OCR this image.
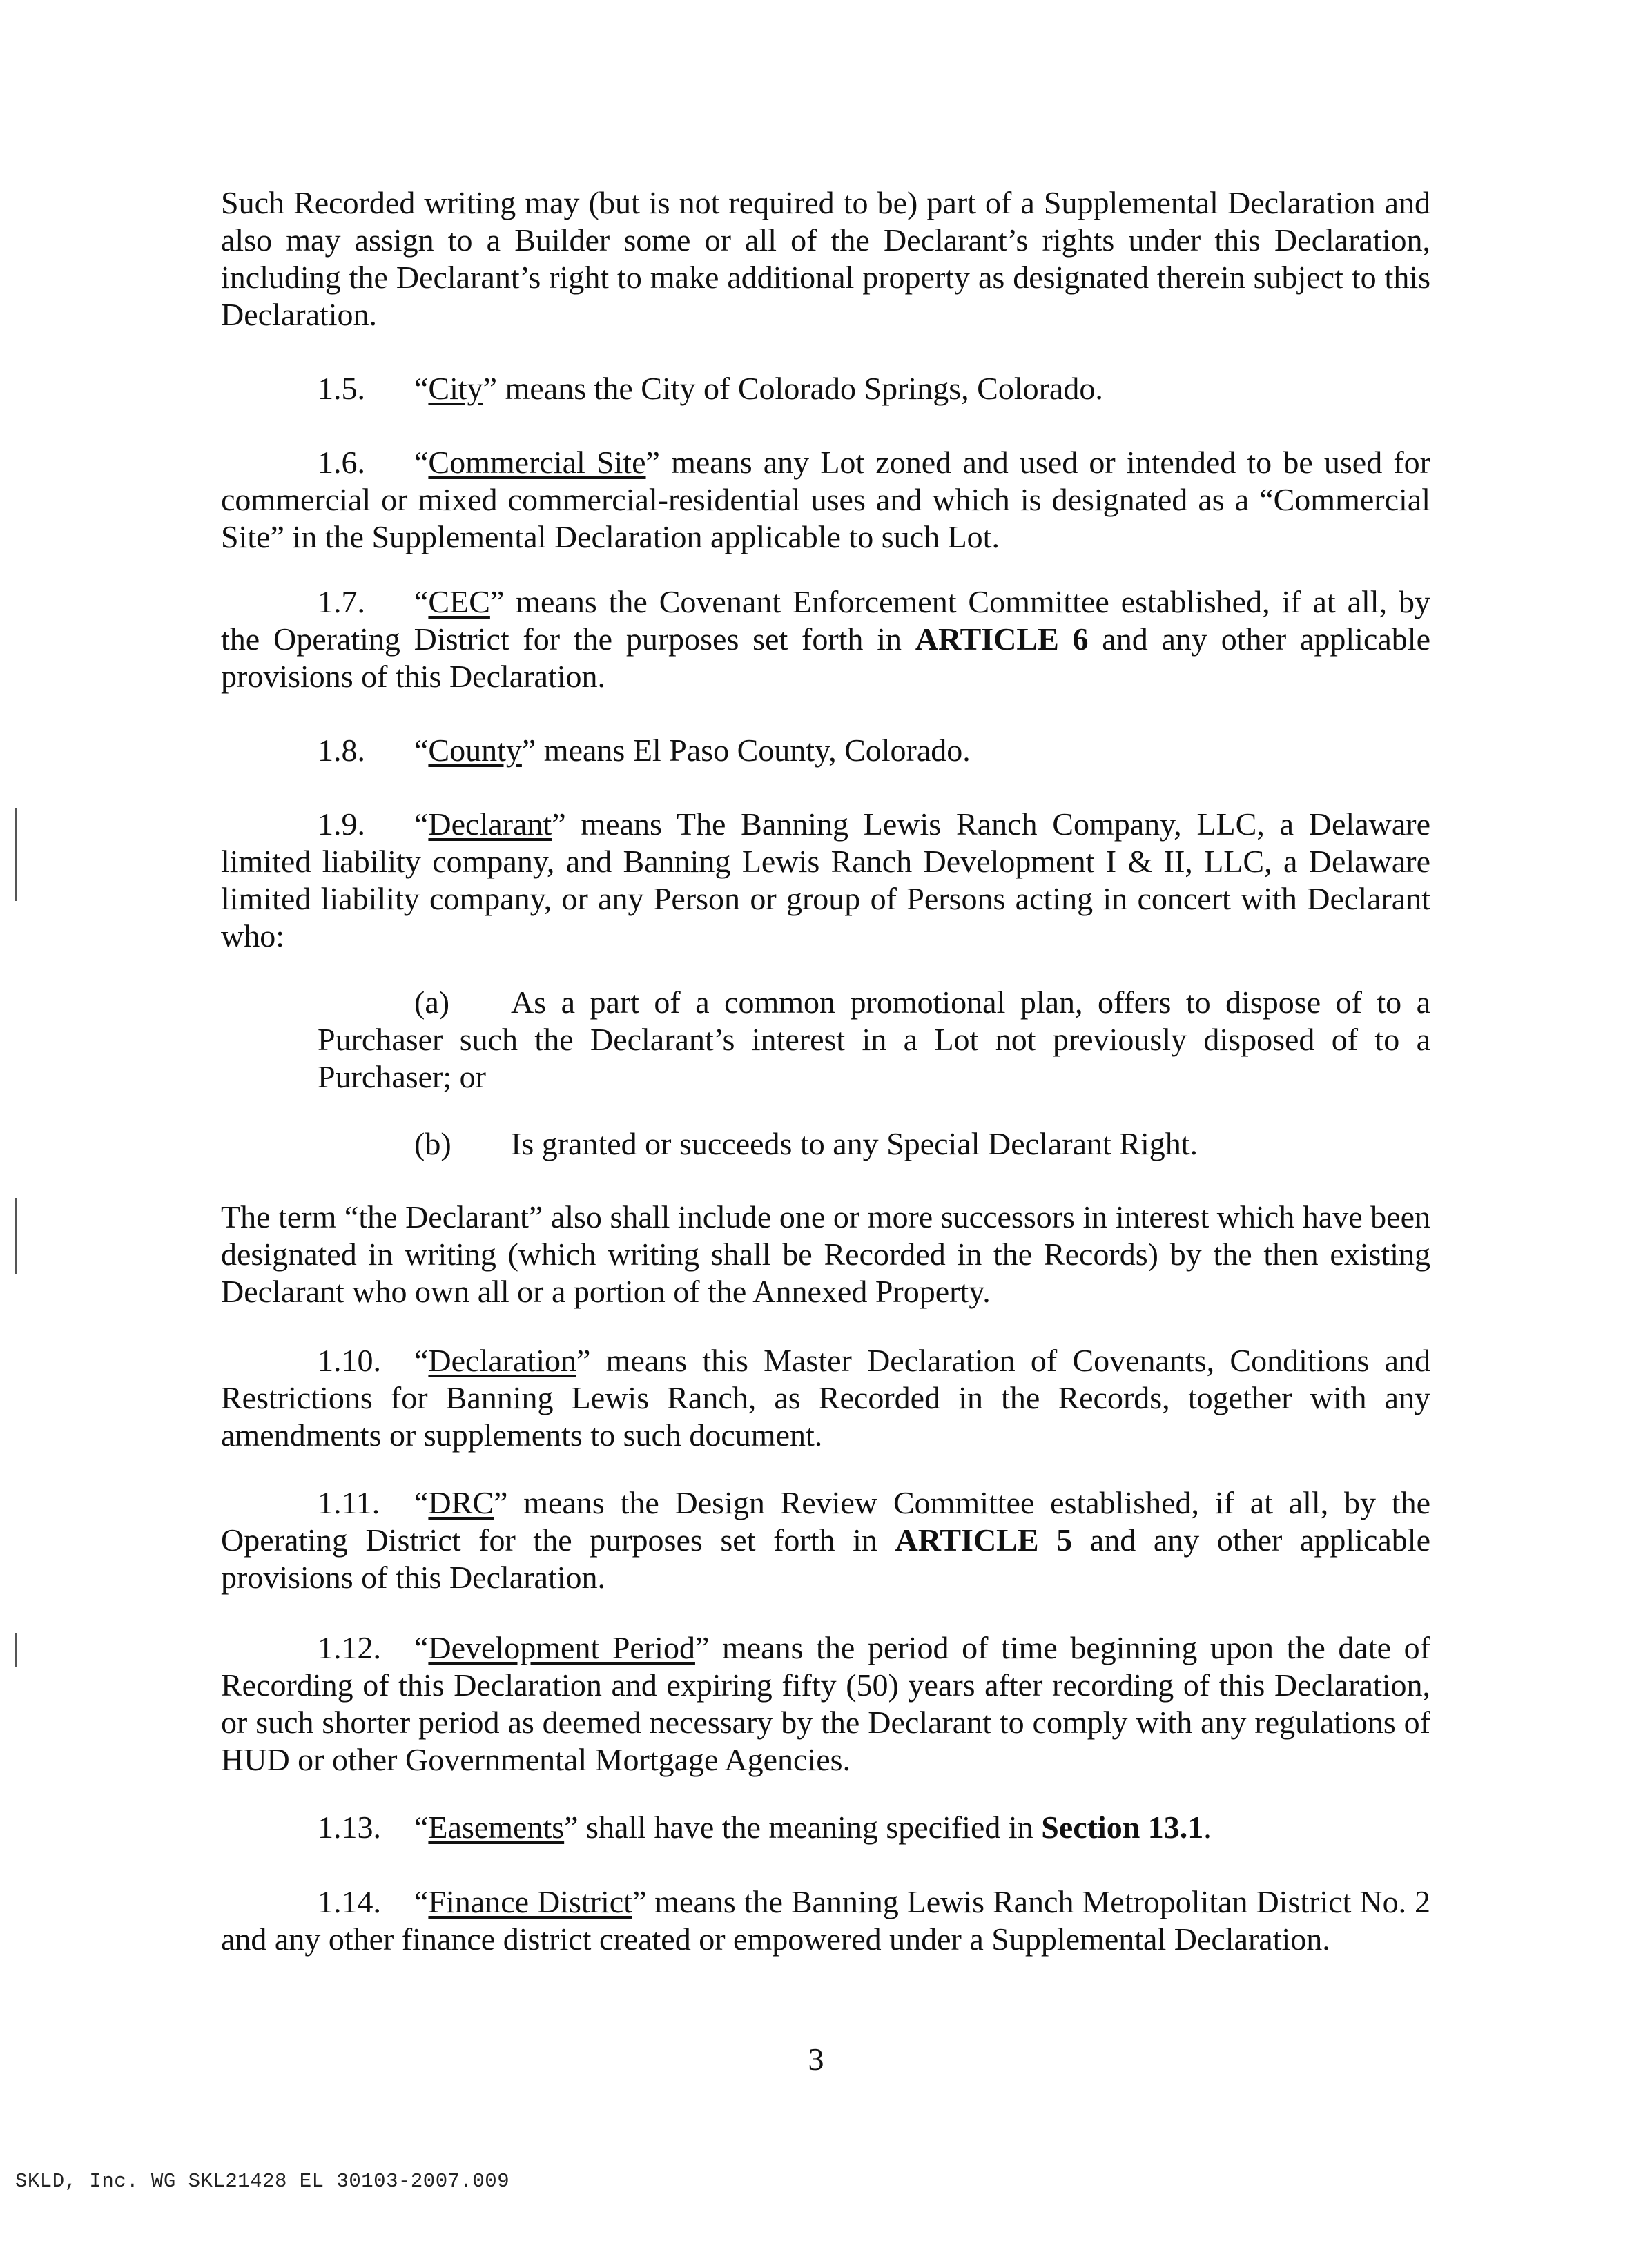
Such Recorded writing may (but is not required to be) part of a Supplemental Declaration and also may assign to a Builder some or all of the Declarant’s rights under this Declaration, including the Declarant’s right to make additional property as designated therein subject to this Declaration.

1.5. “City” means the City of Colorado Springs, Colorado.

1.6. “Commercial Site” means any Lot zoned and used or intended to be used for commercial or mixed commercial-residential uses and which is designated as a “Commercial Site” in the Supplemental Declaration applicable to such Lot.

1.7. “CEC” means the Covenant Enforcement Committee established, if at all, by the Operating District for the purposes set forth in ARTICLE 6 and any other applicable provisions of this Declaration.

1.8. “County” means El Paso County, Colorado.

1.9. “Declarant” means The Banning Lewis Ranch Company, LLC, a Delaware limited liability company, and Banning Lewis Ranch Development I & II, LLC, a Delaware limited liability company, or any Person or group of Persons acting in concert with Declarant who:

(a) As a part of a common promotional plan, offers to dispose of to a Purchaser such the Declarant’s interest in a Lot not previously disposed of to a Purchaser; or

(b) Is granted or succeeds to any Special Declarant Right.

The term “the Declarant” also shall include one or more successors in interest which have been designated in writing (which writing shall be Recorded in the Records) by the then existing Declarant who own all or a portion of the Annexed Property.

1.10. “Declaration” means this Master Declaration of Covenants, Conditions and Restrictions for Banning Lewis Ranch, as Recorded in the Records, together with any amendments or supplements to such document.

1.11. “DRC” means the Design Review Committee established, if at all, by the Operating District for the purposes set forth in ARTICLE 5 and any other applicable provisions of this Declaration.

1.12. “Development Period” means the period of time beginning upon the date of Recording of this Declaration and expiring fifty (50) years after recording of this Declaration, or such shorter period as deemed necessary by the Declarant to comply with any regulations of HUD or other Governmental Mortgage Agencies.

1.13. “Easements” shall have the meaning specified in Section 13.1.

1.14. “Finance District” means the Banning Lewis Ranch Metropolitan District No. 2 and any other finance district created or empowered under a Supplemental Declaration.

3
SKLD, Inc. WG SKL21428 EL 30103-2007.009
